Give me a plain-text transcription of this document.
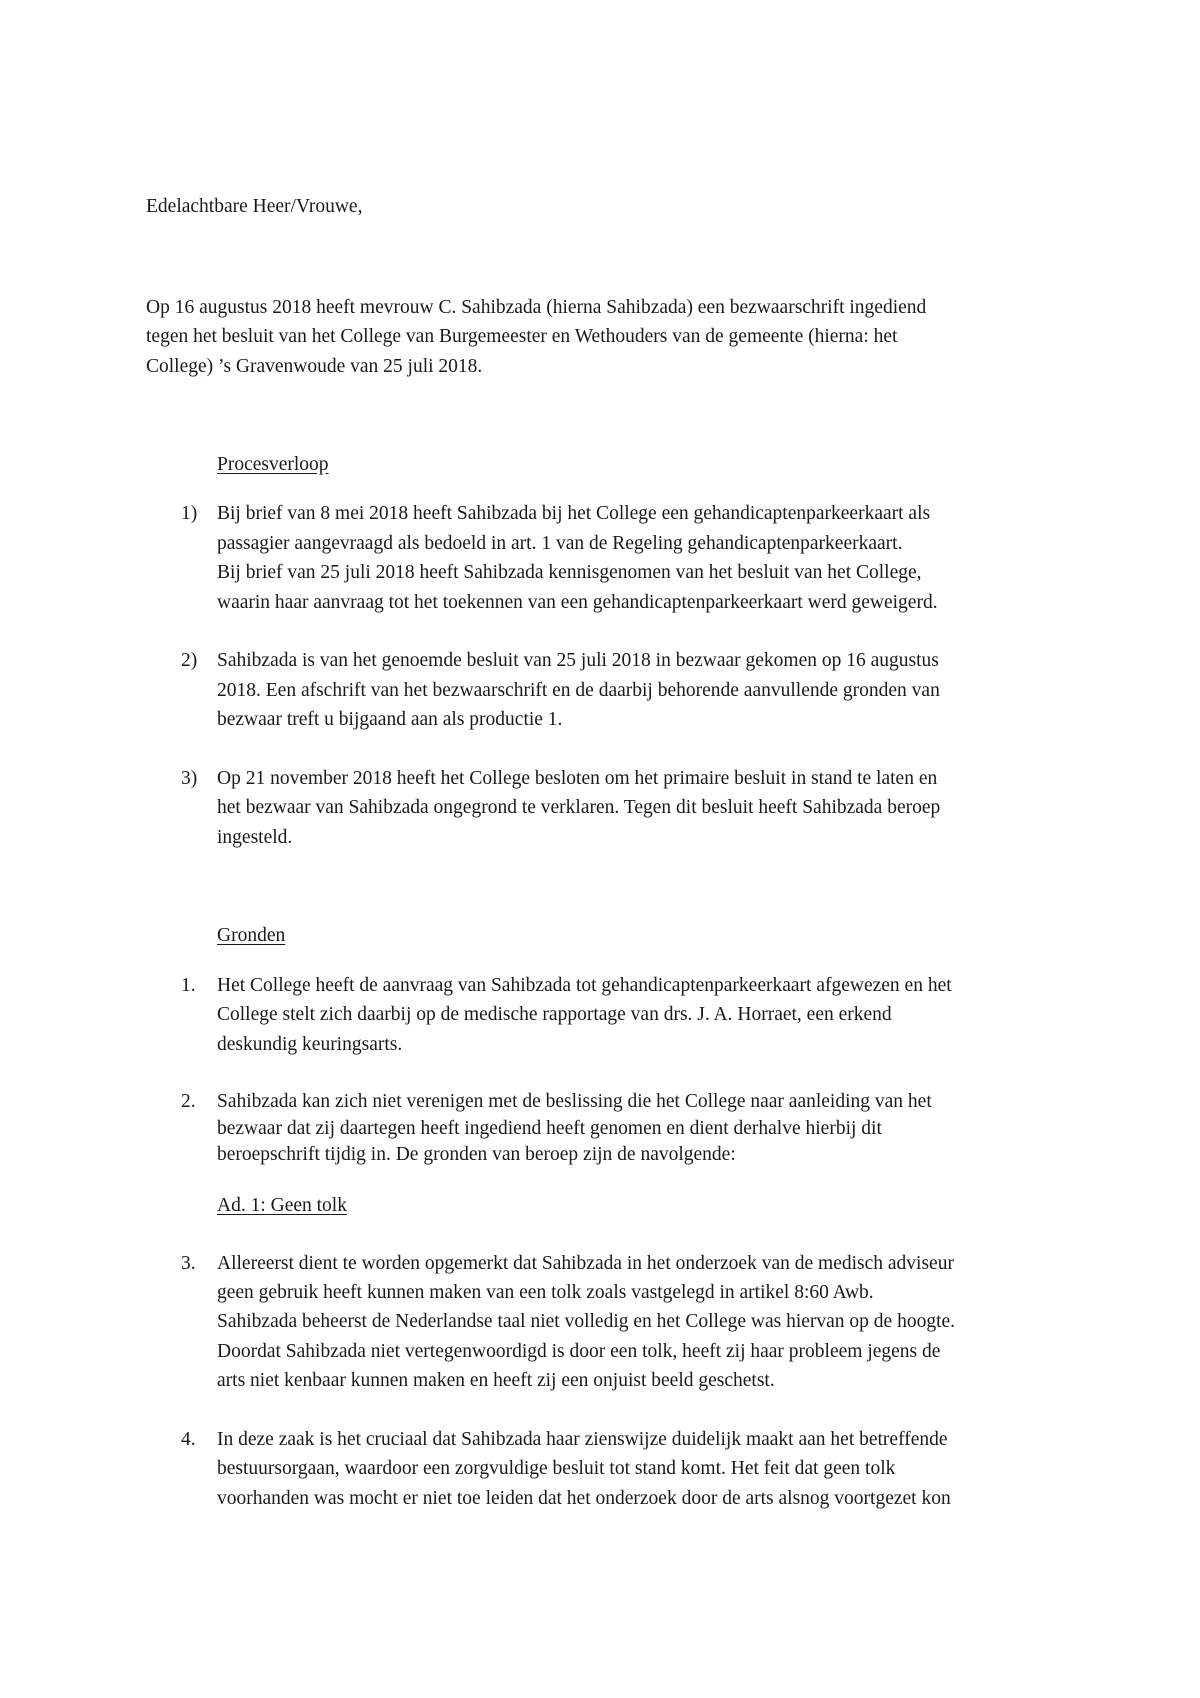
Edelachtbare Heer/Vrouwe,
Op 16 augustus 2018 heeft mevrouw C. Sahibzada (hierna Sahibzada) een bezwaarschrift ingediend
tegen het besluit van het College van Burgemeester en Wethouders van de gemeente (hierna: het
College) ’s Gravenwoude van 25 juli 2018.
Procesverloop
1) Bij brief van 8 mei 2018 heeft Sahibzada bij het College een gehandicaptenparkeerkaart als
passagier aangevraagd als bedoeld in art. 1 van de Regeling gehandicaptenparkeerkaart.
Bij brief van 25 juli 2018 heeft Sahibzada kennisgenomen van het besluit van het College,
waarin haar aanvraag tot het toekennen van een gehandicaptenparkeerkaart werd geweigerd.
2) Sahibzada is van het genoemde besluit van 25 juli 2018 in bezwaar gekomen op 16 augustus
2018. Een afschrift van het bezwaarschrift en de daarbij behorende aanvullende gronden van
bezwaar treft u bijgaand aan als productie 1.
3) Op 21 november 2018 heeft het College besloten om het primaire besluit in stand te laten en
het bezwaar van Sahibzada ongegrond te verklaren. Tegen dit besluit heeft Sahibzada beroep
ingesteld.
Gronden
1. Het College heeft de aanvraag van Sahibzada tot gehandicaptenparkeerkaart afgewezen en het
College stelt zich daarbij op de medische rapportage van drs. J. A. Horraet, een erkend
deskundig keuringsarts.
2. Sahibzada kan zich niet verenigen met de beslissing die het College naar aanleiding van het
bezwaar dat zij daartegen heeft ingediend heeft genomen en dient derhalve hierbij dit
beroepschrift tijdig in. De gronden van beroep zijn de navolgende:
Ad. 1: Geen tolk
3. Allereerst dient te worden opgemerkt dat Sahibzada in het onderzoek van de medisch adviseur
geen gebruik heeft kunnen maken van een tolk zoals vastgelegd in artikel 8:60 Awb.
Sahibzada beheerst de Nederlandse taal niet volledig en het College was hiervan op de hoogte.
Doordat Sahibzada niet vertegenwoordigd is door een tolk, heeft zij haar probleem jegens de
arts niet kenbaar kunnen maken en heeft zij een onjuist beeld geschetst.
4. In deze zaak is het cruciaal dat Sahibzada haar zienswijze duidelijk maakt aan het betreffende
bestuursorgaan, waardoor een zorgvuldige besluit tot stand komt. Het feit dat geen tolk
voorhanden was mocht er niet toe leiden dat het onderzoek door de arts alsnog voortgezet kon
